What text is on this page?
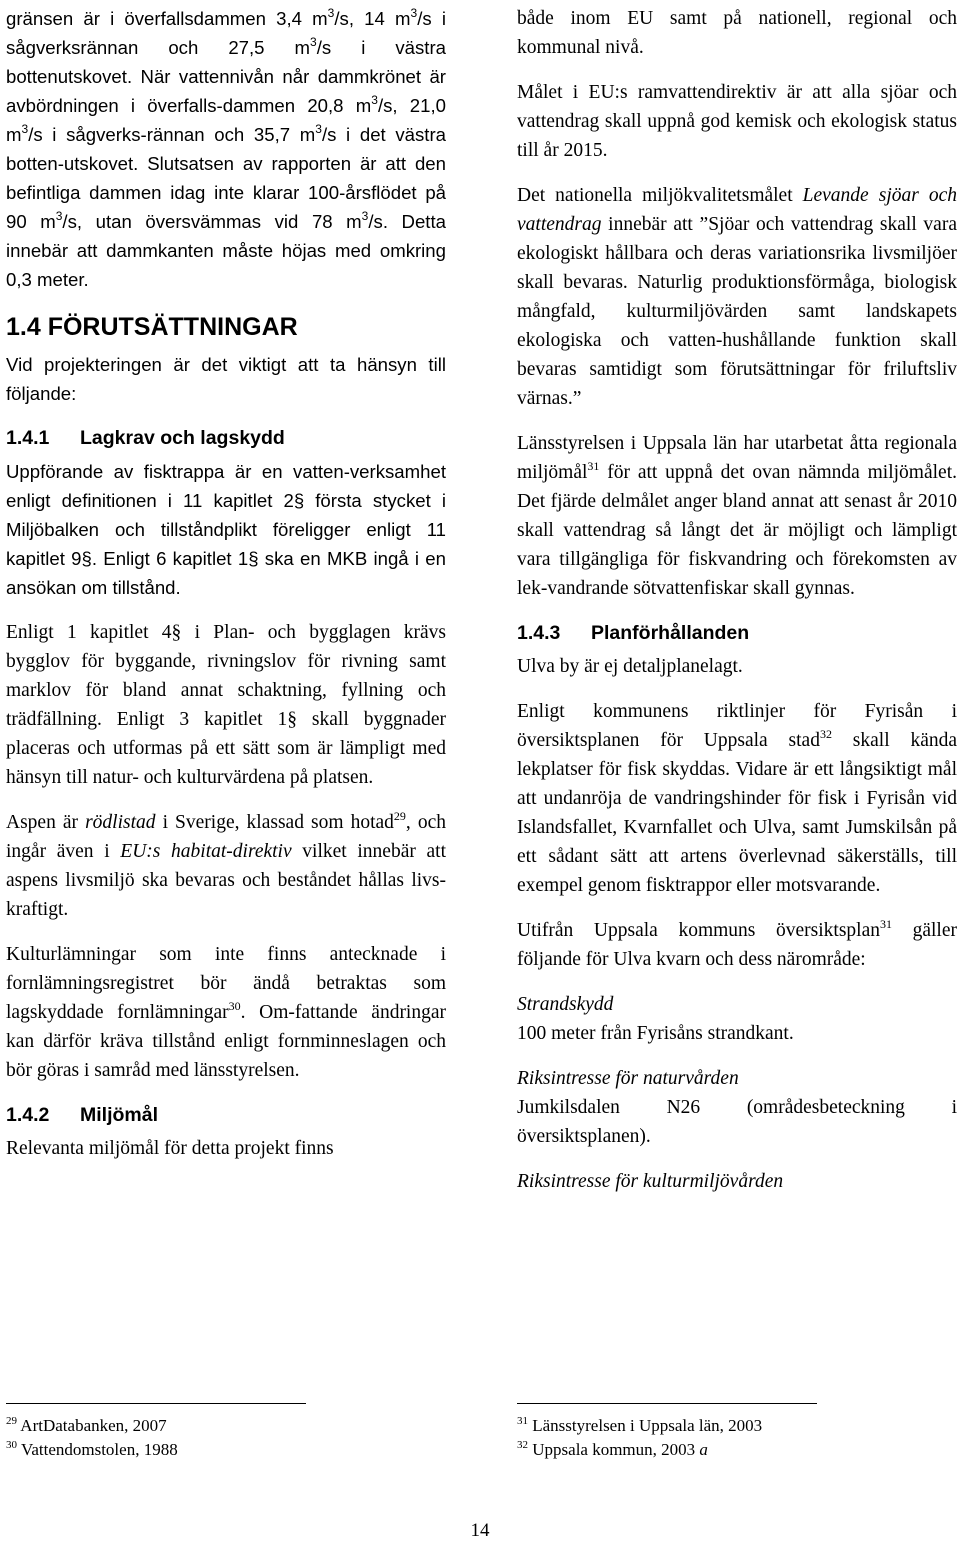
gränsen är i överfallsdammen 3,4 $m^3/s$, 14 $m^3/s$ i sågverksrännan och 27,5 $m^3/s$ i västra bottenutskovet. När vattennivån når dammkrönet är avbördningen i överfalls-dammen 20,8 $m^3/s$, 21,0 $m^3/s$ i sågverks-rännan och 35,7 $m^3/s$ i det västra botten-utskovet. Slutsatsen av rapporten är att den befintliga dammen idag inte klarar 100-årsflödet på 90 $m^3/s$, utan översvämmas vid 78 $m^3/s$. Detta innebär att dammkanten måste höjas med omkring 0,3 meter.

1.4 FÖRUTSÄTTNINGAR

Vid projekteringen är det viktigt att ta hänsyn till följande:

1.4.1 Lagkrav och lagskydd

Uppförande av fisktrappa är en vatten-verksamhet enligt definitionen i 11 kapitlet 2§ första stycket i Miljöbalken och tillståndplikt föreligger enligt 11 kapitlet 9§. Enligt 6 kapitlet 1§ ska en MKB ingå i en ansökan om tillstånd.

Enligt 1 kapitlet 4§ i Plan- och bygglagen krävs bygglov för byggande, rivningslov för rivning samt marklov för bland annat schaktning, fyllning och trädfällning. Enligt 3 kapitlet 1§ skall byggnader placeras och utformas på ett sätt som är lämpligt med hänsyn till natur- och kulturvärdena på platsen.

Aspen är rödlistad i Sverige, klassad som hotad$^{29}$, och ingår även i EU:s habitat-direktiv vilket innebär att aspens livsmiljö ska bevaras och beståndet hållas livs-kraftigt.

Kulturlämningar som inte finns antecknade i fornlämningsregistret bör ändå betraktas som lagskyddade fornlämningar$^{30}$. Om-fattande ändringar kan därför kräva tillstånd enligt fornminneslagen och bör göras i samråd med länsstyrelsen.

1.4.2 Miljömål

Relevanta miljömål för detta projekt finns

både inom EU samt på nationell, regional och kommunal nivå.

Målet i EU:s ramvattendirektiv är att alla sjöar och vattendrag skall uppnå god kemisk och ekologisk status till år 2015.

Det nationella miljökvalitetsmålet Levande sjöar och vattendrag innebär att ”Sjöar och vattendrag skall vara ekologiskt hållbara och deras variationsrika livsmiljöer skall bevaras. Naturlig produktionsförmåga, biologisk mångfald, kulturmiljövärden samt landskapets ekologiska och vatten-hushållande funktion skall bevaras samtidigt som förutsättningar för friluftsliv värnas.”

Länsstyrelsen i Uppsala län har utarbetat åtta regionala miljömål$^{31}$ för att uppnå det ovan nämnda miljömålet. Det fjärde delmålet anger bland annat att senast år 2010 skall vattendrag så långt det är möjligt och lämpligt vara tillgängliga för fiskvandring och förekomsten av lek-vandrande sötvattenfiskar skall gynnas.

1.4.3 Planförhållanden

Ulva by är ej detaljplanelagt.

Enligt kommunens riktlinjer för Fyrisån i översiktsplanen för Uppsala stad$^{32}$ skall kända lekplatser för fisk skyddas. Vidare är ett långsiktigt mål att undanröja de vandringshinder för fisk i Fyrisån vid Islandsfallet, Kvarnfallet och Ulva, samt Jumskilsån på ett sådant sätt att artens överlevnad säkerställs, till exempel genom fisktrappor eller motsvarande.

Utifrån Uppsala kommuns översiktsplan$^{31}$ gäller följande för Ulva kvarn och dess närområde:

Strandskydd

100 meter från Fyrisåns strandkant.

Riksintresse för naturvården

Jumkilsdalen N26 (områdesbeteckning i översiktsplanen).

Riksintresse för kulturmiljövården

$^{29}$ ArtDatabanken, 2007

$^{30}$ Vattendomstolen, 1988

$^{31}$ Länsstyrelsen i Uppsala län, 2003

$^{32}$ Uppsala kommun, 2003 a

14
